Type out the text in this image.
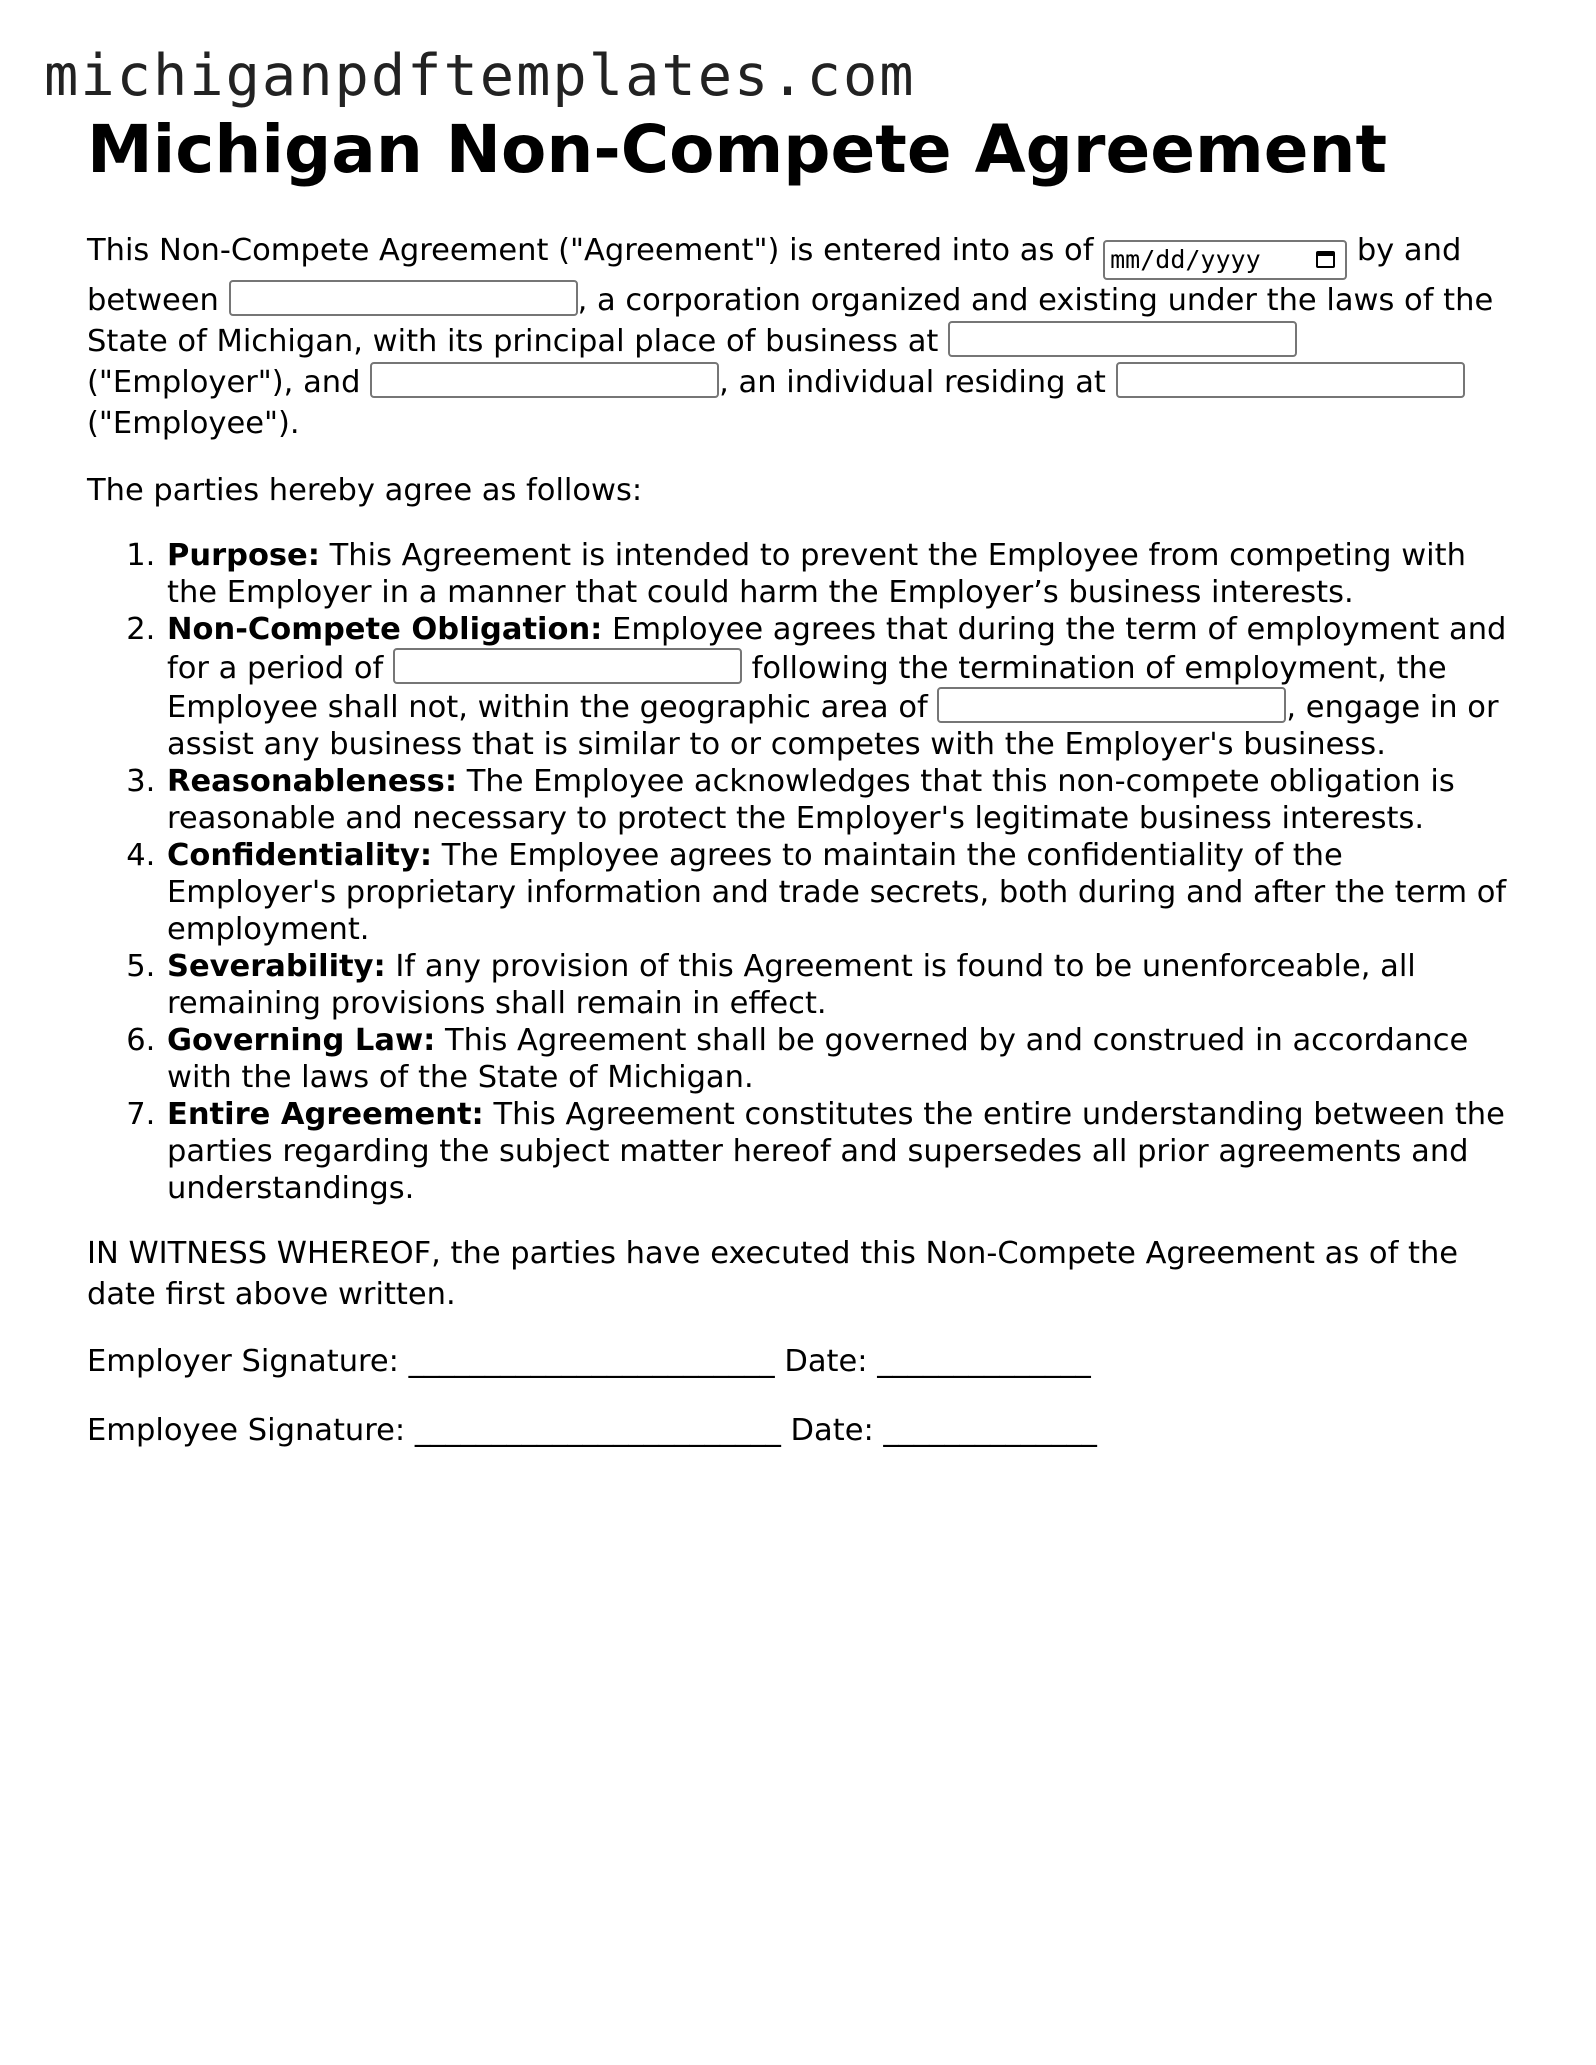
michiganpdftemplates.com
Michigan Non-Compete Agreement

This Non-Compete Agreement ("Agreement") is entered into as of mm/dd/yyyy	by and between	, a corporation organized and existing under the laws of the State of Michigan, with its principal place of business at  ("Employer"), and	, an individual residing at  ("Employee").

The parties hereby agree as follows:

1. Purpose: This Agreement is intended to prevent the Employee from competing with the Employer in a manner that could harm the Employer’s business interests.
2. Non-Compete Obligation: Employee agrees that during the term of employment and for a period of	following the termination of employment, the Employee shall not, within the geographic area of	, engage in or assist any business that is similar to or competes with the Employer's business.
3. Reasonableness: The Employee acknowledges that this non-compete obligation is reasonable and necessary to protect the Employer's legitimate business interests.
4. Confidentiality: The Employee agrees to maintain the confidentiality of the Employer's proprietary information and trade secrets, both during and after the term of employment.
5. Severability: If any provision of this Agreement is found to be unenforceable, all remaining provisions shall remain in effect.
6. Governing Law: This Agreement shall be governed by and construed in accordance with the laws of the State of Michigan.
7. Entire Agreement: This Agreement constitutes the entire understanding between the parties regarding the subject matter hereof and supersedes all prior agreements and understandings.

IN WITNESS WHEREOF, the parties have executed this Non-Compete Agreement as of the date first above written.

Employer Signature: ________________________ Date: ______________
Employee Signature: ________________________ Date: ______________
